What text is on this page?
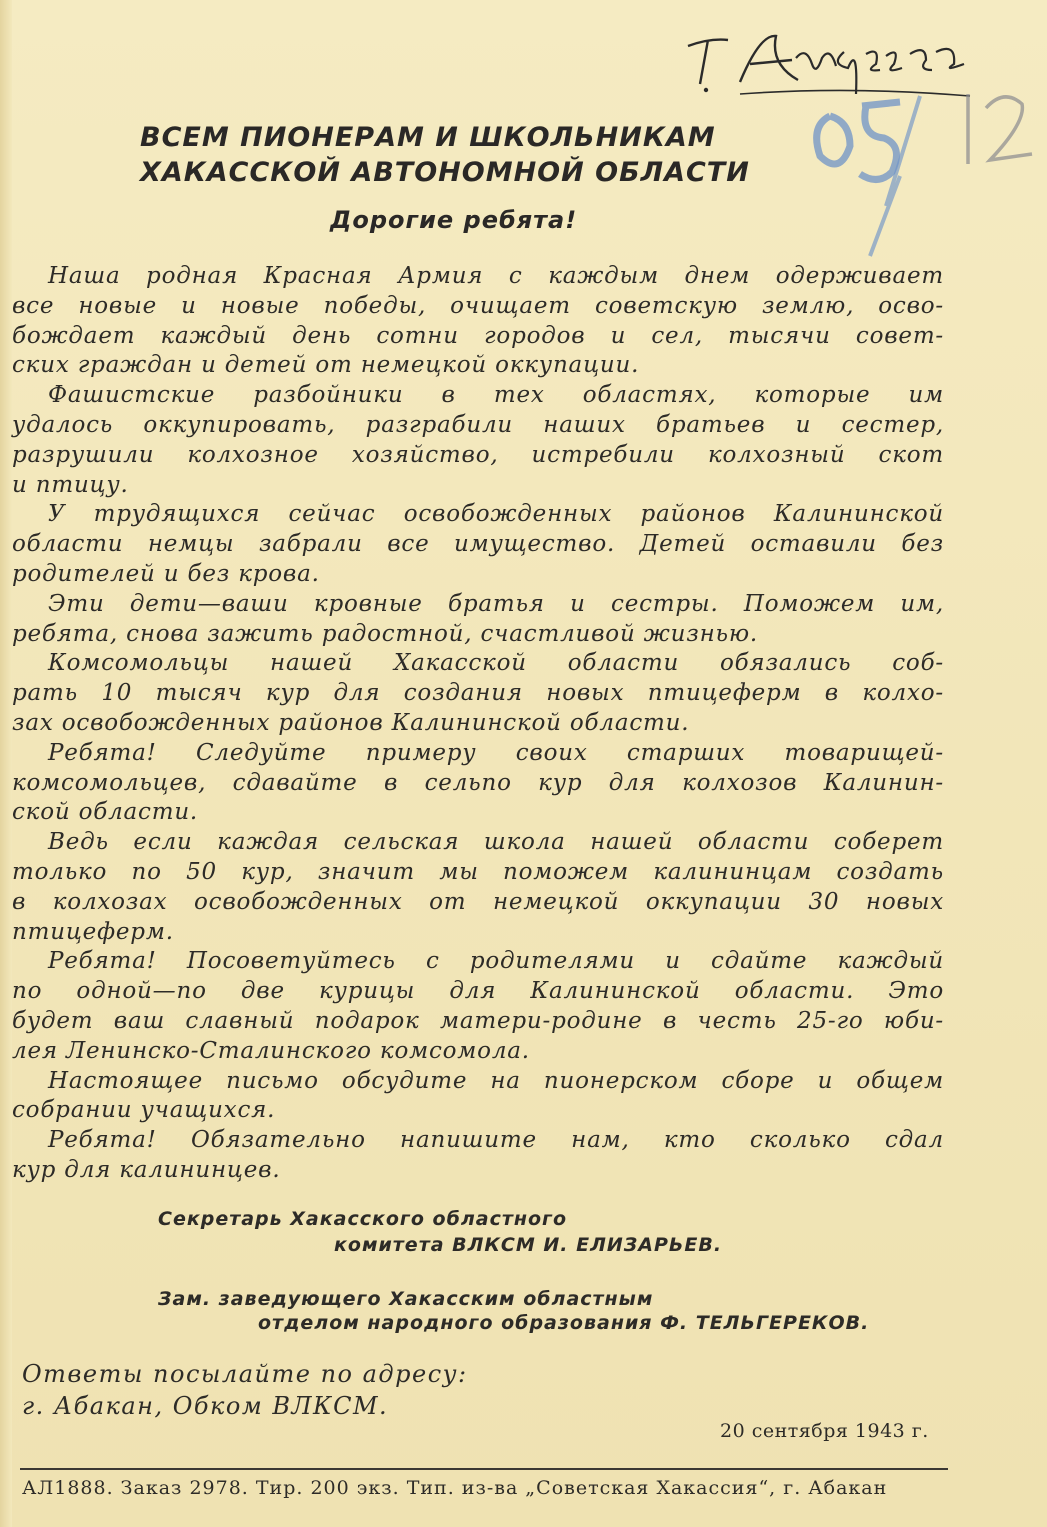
ВСЕМ ПИОНЕРАМ И ШКОЛЬНИКАМ
ХАКАССКОЙ АВТОНОМНОЙ ОБЛАСТИ
Дорогие ребята!
Наша родная Красная Армия с каждым днем одерживает
все новые и новые победы, очищает советскую землю, осво-
бождает каждый день сотни городов и сел, тысячи совет-
ских граждан и детей от немецкой оккупации.
Фашистские разбойники в тех областях, которые им
удалось оккупировать, разграбили наших братьев и сестер,
разрушили колхозное хозяйство, истребили колхозный скот
и птицу.
У трудящихся сейчас освобожденных районов Калининской
области немцы забрали все имущество. Детей оставили без
родителей и без крова.
Эти дети—ваши кровные братья и сестры. Поможем им,
ребята, снова зажить радостной, счастливой жизнью.
Комсомольцы нашей Хакасской области обязались соб-
рать 10 тысяч кур для создания новых птицеферм в колхо-
зах освобожденных районов Калининской области.
Ребята! Следуйте примеру своих старших товарищей-
комсомольцев, сдавайте в сельпо кур для колхозов Калинин-
ской области.
Ведь если каждая сельская школа нашей области соберет
только по 50 кур, значит мы поможем калининцам создать
в колхозах освобожденных от немецкой оккупации 30 новых
птицеферм.
Ребята! Посоветуйтесь с родителями и сдайте каждый
по одной—по две курицы для Калининской области. Это
будет ваш славный подарок матери-родине в честь 25-го юби-
лея Ленинско-Сталинского комсомола.
Настоящее письмо обсудите на пионерском сборе и общем
собрании учащихся.
Ребята! Обязательно напишите нам, кто сколько сдал
кур для калининцев.
Секретарь Хакасского областного
комитета ВЛКСМ И. ЕЛИЗАРЬЕВ.
Зам. заведующего Хакасским областным
отделом народного образования Ф. ТЕЛЬГЕРЕКОВ.
Ответы посылайте по адресу:
г. Абакан, Обком ВЛКСМ.
20 сентября 1943 г.
АЛ1888. Заказ 2978. Тир. 200 экз. Тип. из-ва „Советская Хакассия“, г. Абакан
